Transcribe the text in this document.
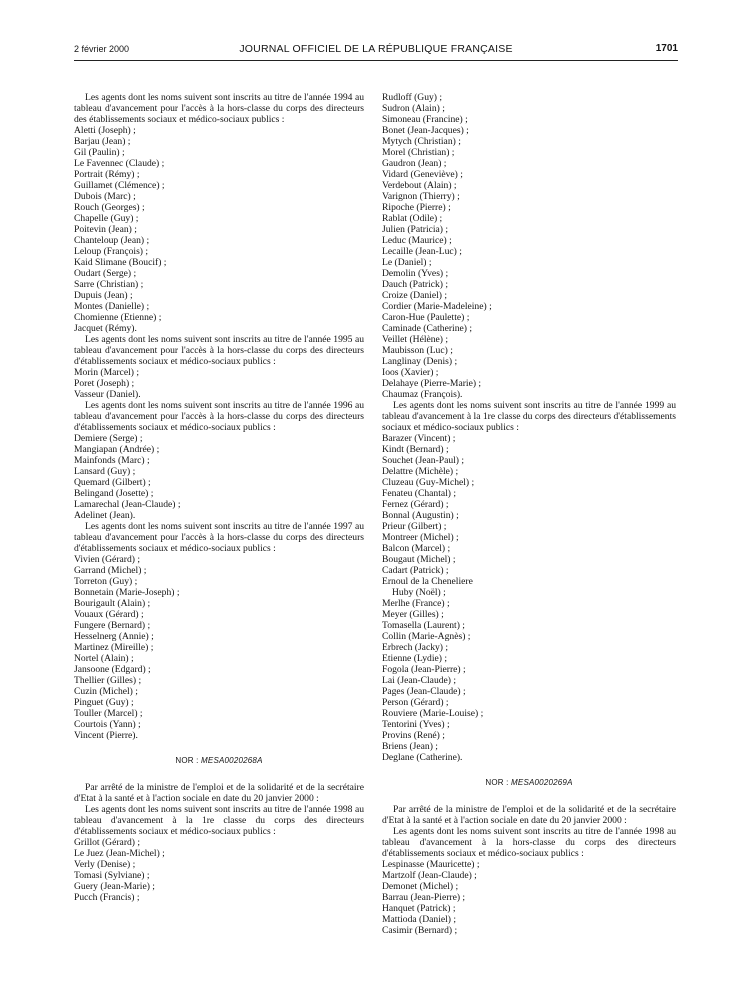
2 février 2000	JOURNAL OFFICIEL DE LA RÉPUBLIQUE FRANÇAISE	1701

Les agents dont les noms suivent sont inscrits au titre de l'année 1994 au tableau d'avancement pour l'accès à la hors-classe du corps des directeurs des établissements sociaux et médico-sociaux publics :

Aletti (Joseph) ;
Barjau (Jean) ;
Gil (Paulin) ;
Le Favennec (Claude) ;
Portrait (Rémy) ;
Guillamet (Clémence) ;
Dubois (Marc) ;
Rouch (Georges) ;
Chapelle (Guy) ;
Poitevin (Jean) ;
Chanteloup (Jean) ;
Leloup (François) ;
Kaid Slimane (Boucif) ;
Oudart (Serge) ;
Sarre (Christian) ;
Dupuis (Jean) ;
Montes (Danielle) ;
Chomienne (Etienne) ;
Jacquet (Rémy).

Les agents dont les noms suivent sont inscrits au titre de l'année 1995 au tableau d'avancement pour l'accès à la hors-classe du corps des directeurs d'établissements sociaux et médico-sociaux publics :

Morin (Marcel) ;
Poret (Joseph) ;
Vasseur (Daniel).

Les agents dont les noms suivent sont inscrits au titre de l'année 1996 au tableau d'avancement pour l'accès à la hors-classe du corps des directeurs d'établissements sociaux et médico-sociaux publics :

Demiere (Serge) ;
Mangiapan (Andrée) ;
Mainfonds (Marc) ;
Lansard (Guy) ;
Quemard (Gilbert) ;
Belingand (Josette) ;
Lamarechal (Jean-Claude) ;
Adelinet (Jean).

Les agents dont les noms suivent sont inscrits au titre de l'année 1997 au tableau d'avancement pour l'accès à la hors-classe du corps des directeurs d'établissements sociaux et médico-sociaux publics :

Vivien (Gérard) ;
Garrand (Michel) ;
Torreton (Guy) ;
Bonnetain (Marie-Joseph) ;
Bourigault (Alain) ;
Vouaux (Gérard) ;
Fungere (Bernard) ;
Hesselnerg (Annie) ;
Martinez (Mireille) ;
Nortel (Alain) ;
Jansoone (Edgard) ;
Thellier (Gilles) ;
Cuzin (Michel) ;
Pinguet (Guy) ;
Touller (Marcel) ;
Courtois (Yann) ;
Vincent (Pierre).
NOR : MESA0020268A

Par arrêté de la ministre de l'emploi et de la solidarité et de la secrétaire d'Etat à la santé et à l'action sociale en date du 20 janvier 2000 :

Les agents dont les noms suivent sont inscrits au titre de l'année 1998 au tableau d'avancement à la 1re classe du corps des directeurs d'établissements sociaux et médico-sociaux publics :

Grillot (Gérard) ;
Le Juez (Jean-Michel) ;
Verly (Denise) ;
Tomasi (Sylviane) ;
Guery (Jean-Marie) ;
Pucch (Francis) ;
Rudloff (Guy) ;
Sudron (Alain) ;
Simoneau (Francine) ;
Bonet (Jean-Jacques) ;
Mytych (Christian) ;
Morel (Christian) ;
Gaudron (Jean) ;
Vidard (Geneviève) ;
Verdebout (Alain) ;
Varignon (Thierry) ;
Ripoche (Pierre) ;
Rablat (Odile) ;
Julien (Patricia) ;
Leduc (Maurice) ;
Lecaille (Jean-Luc) ;
Le (Daniel) ;
Demolin (Yves) ;
Dauch (Patrick) ;
Croize (Daniel) ;
Cordier (Marie-Madeleine) ;
Caron-Hue (Paulette) ;
Caminade (Catherine) ;
Veillet (Hélène) ;
Maubisson (Luc) ;
Langlinay (Denis) ;
Ioos (Xavier) ;
Delahaye (Pierre-Marie) ;
Chaumaz (François).

Les agents dont les noms suivent sont inscrits au titre de l'année 1999 au tableau d'avancement à la 1re classe du corps des directeurs d'établissements sociaux et médico-sociaux publics :

Barazer (Vincent) ;
Kindt (Bernard) ;
Souchet (Jean-Paul) ;
Delattre (Michèle) ;
Cluzeau (Guy-Michel) ;
Fenateu (Chantal) ;
Fernez (Gérard) ;
Bonnal (Augustin) ;
Prieur (Gilbert) ;
Montreer (Michel) ;
Balcon (Marcel) ;
Bougaut (Michel) ;
Cadart (Patrick) ;
Ernoul de la Cheneliere
Huby (Noël) ;
Merlhe (France) ;
Meyer (Gilles) ;
Tomasella (Laurent) ;
Collin (Marie-Agnès) ;
Erbrech (Jacky) ;
Etienne (Lydie) ;
Fogola (Jean-Pierre) ;
Lai (Jean-Claude) ;
Pages (Jean-Claude) ;
Person (Gérard) ;
Rouviere (Marie-Louise) ;
Tentorini (Yves) ;
Provins (René) ;
Briens (Jean) ;
Deglane (Catherine).
NOR : MESA0020269A

Par arrêté de la ministre de l'emploi et de la solidarité et de la secrétaire d'Etat à la santé et à l'action sociale en date du 20 janvier 2000 :

Les agents dont les noms suivent sont inscrits au titre de l'année 1998 au tableau d'avancement à la hors-classe du corps des directeurs d'établissements sociaux et médico-sociaux publics :

Lespinasse (Mauricette) ;
Martzolf (Jean-Claude) ;
Demonet (Michel) ;
Barrau (Jean-Pierre) ;
Hanquet (Patrick) ;
Mattioda (Daniel) ;
Casimir (Bernard) ;
